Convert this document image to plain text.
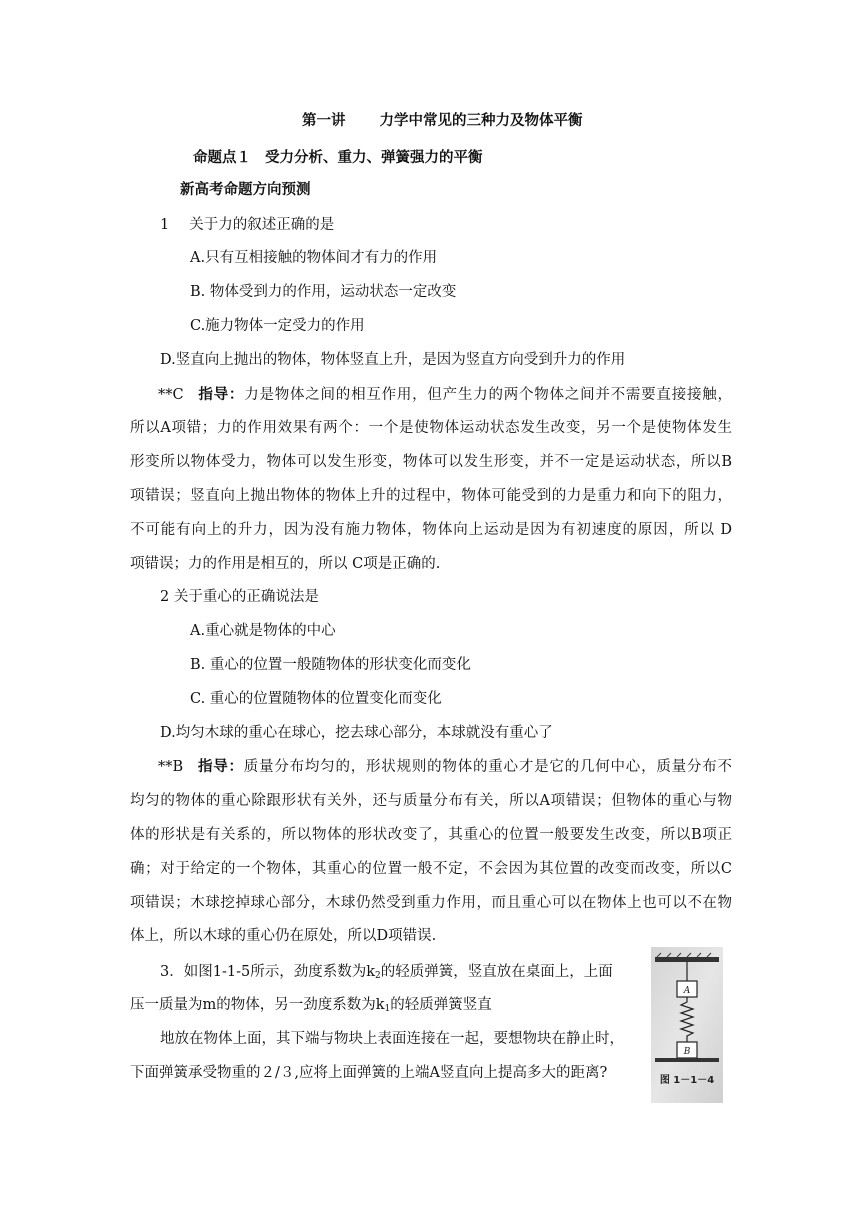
第一讲 力学中常见的三种力及物体平衡
命题点１ 受力分析、重力、弹簧强力的平衡
新高考命题方向预测
1 关于力的叙述正确的是
A.只有互相接触的物体间才有力的作用
B. 物体受到力的作用，运动状态一定改变
C.施力物体一定受力的作用
D.竖直向上抛出的物体，物体竖直上升，是因为竖直方向受到升力的作用
**C 指导：力是物体之间的相互作用，但产生力的两个物体之间并不需要直接接触，
所以A项错；力的作用效果有两个：一个是使物体运动状态发生改变，另一个是使物体发生
形变所以物体受力，物体可以发生形变，物体可以发生形变，并不一定是运动状态，所以B
项错误；竖直向上抛出物体的物体上升的过程中，物体可能受到的力是重力和向下的阻力，
不可能有向上的升力，因为没有施力物体，物体向上运动是因为有初速度的原因，所以 D
项错误；力的作用是相互的，所以 C项是正确的.
2 关于重心的正确说法是
A.重心就是物体的中心
B. 重心的位置一般随物体的形状变化而变化
C. 重心的位置随物体的位置变化而变化
D.均匀木球的重心在球心，挖去球心部分，本球就没有重心了
**B 指导：质量分布均匀的，形状规则的物体的重心才是它的几何中心，质量分布不
均匀的物体的重心除跟形状有关外，还与质量分布有关，所以A项错误；但物体的重心与物
体的形状是有关系的，所以物体的形状改变了，其重心的位置一般要发生改变，所以B项正
确；对于给定的一个物体，其重心的位置一般不定，不会因为其位置的改变而改变，所以C
项错误；木球挖掉球心部分，木球仍然受到重力作用，而且重心可以在物体上也可以不在物
体上，所以木球的重心仍在原处，所以D项错误.
3．如图1-1-5所示，劲度系数为$k_2$的轻质弹簧，竖直放在桌面上，上面
压一质量为m的物体，另一劲度系数为$k_1$的轻质弹簧竖直
地放在物体上面，其下端与物块上表面连接在一起，要想物块在静止时，
下面弹簧承受物重的２/３,应将上面弹簧的上端A竖直向上提高多大的距离?	图 1－1－4
A
B
